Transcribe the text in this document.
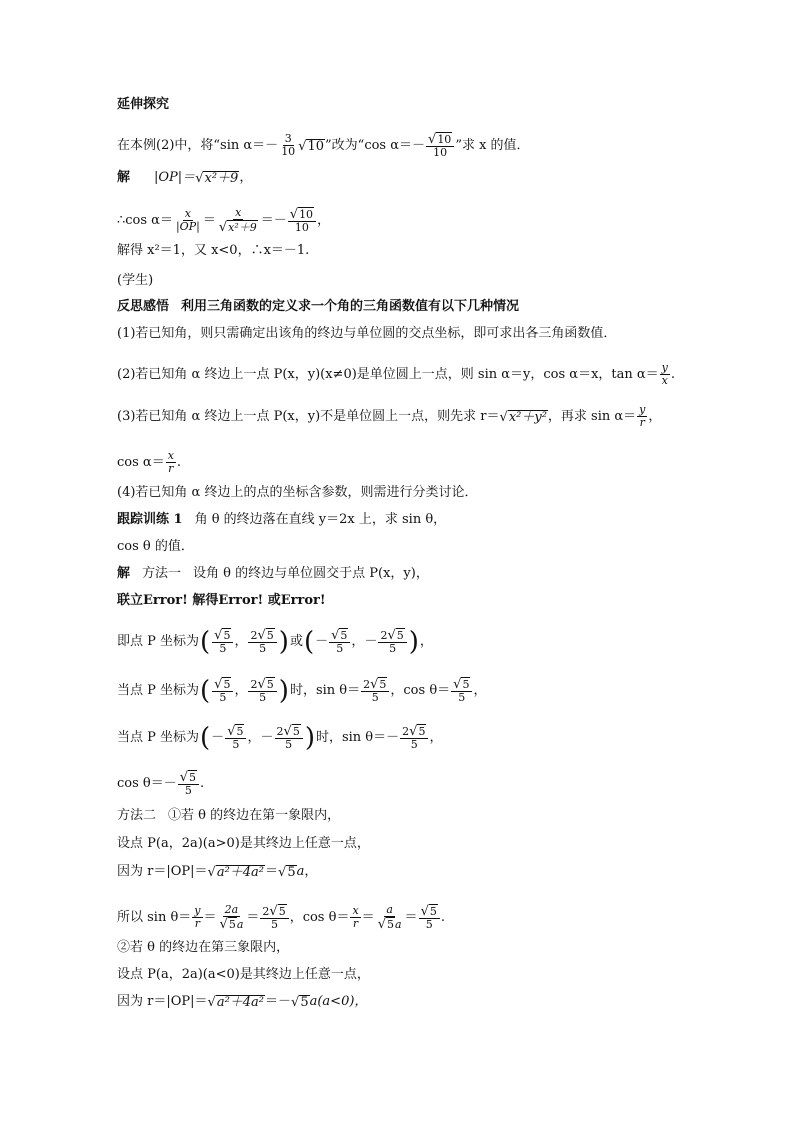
延伸探究
在本例(2)中，将“sin $\alpha=- \frac{3}{10}$ √ 10 ”改为“cos $\alpha=- \frac{√ 10}{10}$ ”求 x 的值．
解 |OP|＝ √ x²＋9 ，
∴cos $\alpha= \frac{x}{|OP|} = \frac{x}{\text{√ x²＋9}} =- \frac{√ 10}{10}$ ，
解得 x²＝1，又 x<0，∴x＝－1.
(学生)
反思感悟 利用三角函数的定义求一个角的三角函数值有以下几种情况
(1)若已知角，则只需确定出该角的终边与单位圆的交点坐标，即可求出各三角函数值．
(2)若已知角 α 终边上一点 P(x，y)(x≠0)是单位圆上一点，则 sin α＝y，cos α＝x，$\tan \alpha= \frac{y}{x}$ .
(3)若已知角 α 终边上一点 P(x，y)不是单位圆上一点，则先求 r＝ √ x²＋y² ，再求 $\sin \alpha= \frac{y}{r}$ ，
$\cos \alpha= \frac{x}{r}$ .
(4)若已知角 α 终边上的点的坐标含参数，则需进行分类讨论．
跟踪训练 1 角 θ 的终边落在直线 y＝2x 上，求 sin θ，
cos θ 的值．
解 方法一 设角 θ 的终边与单位圆交于点 P(x，y)，
联立Error! 解得Error! 或Error!
即点 P 坐标为 ( $\frac{√ 5}{5}$ ， $\frac{2 √ 5}{5}$ ) 或 ( － $\frac{√ 5}{5}$ ， － $\frac{2 √ 5}{5}$ ) ，
当点 P 坐标为 ( $\frac{√ 5}{5}$ ， $\frac{2 √ 5}{5}$ ) 时，$\sin \theta= \frac{2 √ 5}{5}$ ，$\cos \theta= \frac{√ 5}{5}$ ，
当点 P 坐标为 ( － $\frac{√ 5}{5}$ ， － $\frac{2 √ 5}{5}$ ) 时，$\sin \theta=- \frac{2 √ 5}{5}$ ，
$\cos \theta=- \frac{√ 5}{5}$ .
方法二 ①若 θ 的终边在第一象限内，
设点 P(a，2a)(a>0)是其终边上任意一点，
因为 r＝|OP|＝ √ a²＋4a² ＝ √ 5 a ，
所以 $\sin \theta= \frac{y}{r} = \frac{2a}{√ 5 a} = \frac{2 √ 5}{5}$ ，$\cos \theta= \frac{x}{r} = \frac{a}{√ 5 a} = \frac{√ 5}{5}$ .
②若 θ 的终边在第三象限内，
设点 P(a，2a)(a<0)是其终边上任意一点，
因为 r＝|OP|＝ √ a²＋4a² ＝－ √ 5 a(a<0)，
